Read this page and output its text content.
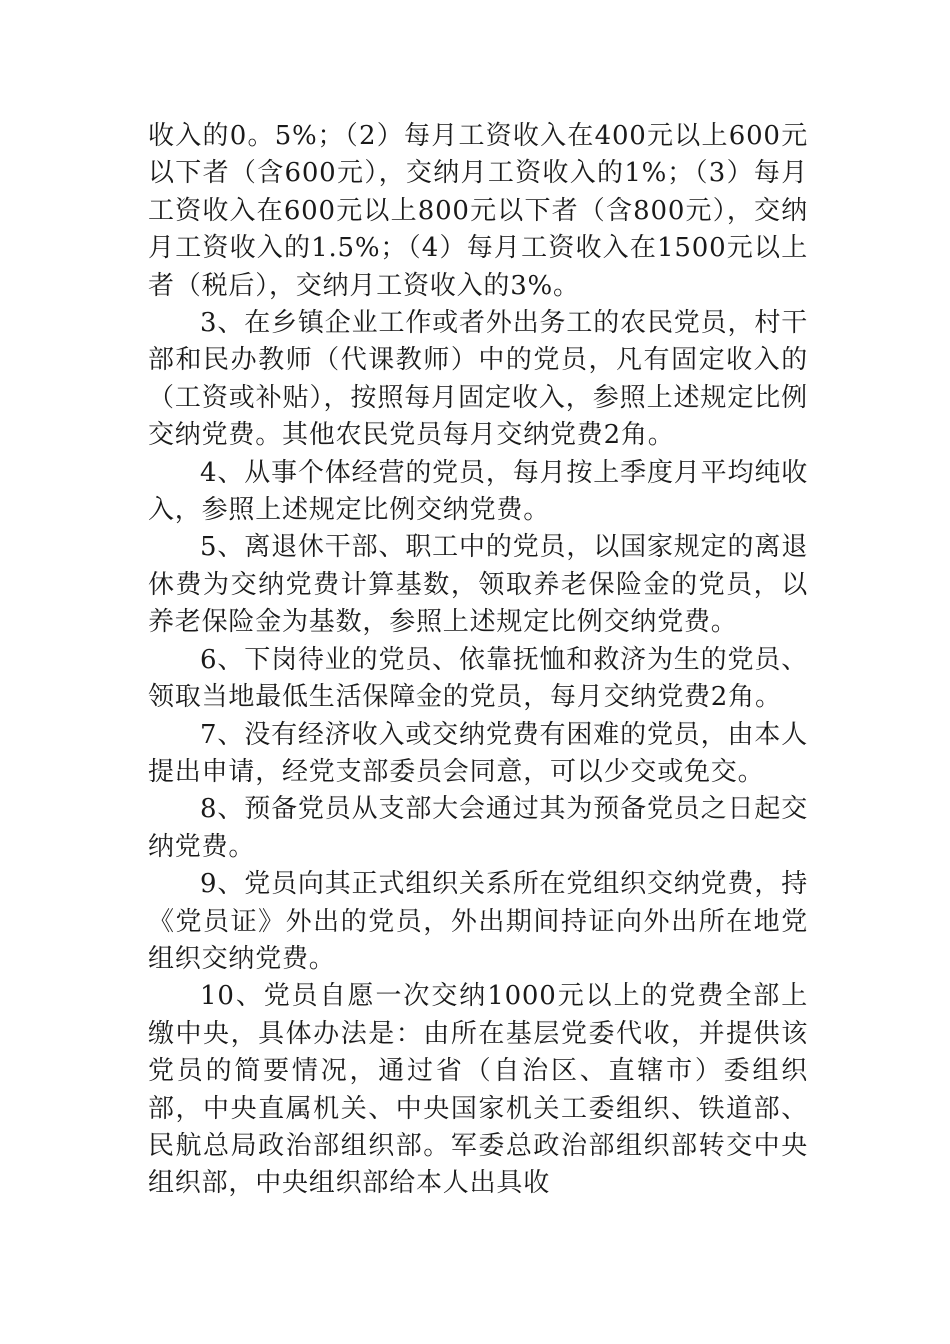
收入的0。5%；（2）每月工资收入在400元以上600元以下者（含600元），交纳月工资收入的1%；（3）每月工资收入在600元以上800元以下者（含800元），交纳月工资收入的1.5%；（4）每月工资收入在1500元以上者（税后），交纳月工资收入的3%。

3、在乡镇企业工作或者外出务工的农民党员，村干部和民办教师（代课教师）中的党员，凡有固定收入的（工资或补贴），按照每月固定收入，参照上述规定比例交纳党费。其他农民党员每月交纳党费2角。

4、从事个体经营的党员，每月按上季度月平均纯收入，参照上述规定比例交纳党费。

5、离退休干部、职工中的党员，以国家规定的离退休费为交纳党费计算基数，领取养老保险金的党员，以养老保险金为基数，参照上述规定比例交纳党费。

6、下岗待业的党员、依靠抚恤和救济为生的党员、领取当地最低生活保障金的党员，每月交纳党费2角。

7、没有经济收入或交纳党费有困难的党员，由本人提出申请，经党支部委员会同意，可以少交或免交。

8、预备党员从支部大会通过其为预备党员之日起交纳党费。

9、党员向其正式组织关系所在党组织交纳党费，持《党员证》外出的党员，外出期间持证向外出所在地党组织交纳党费。

10、党员自愿一次交纳1000元以上的党费全部上缴中央，具体办法是：由所在基层党委代收，并提供该党员的简要情况，通过省（自治区、直辖市）委组织部，中央直属机关、中央国家机关工委组织、铁道部、民航总局政治部组织部。军委总政治部组织部转交中央组织部，中央组织部给本人出具收
